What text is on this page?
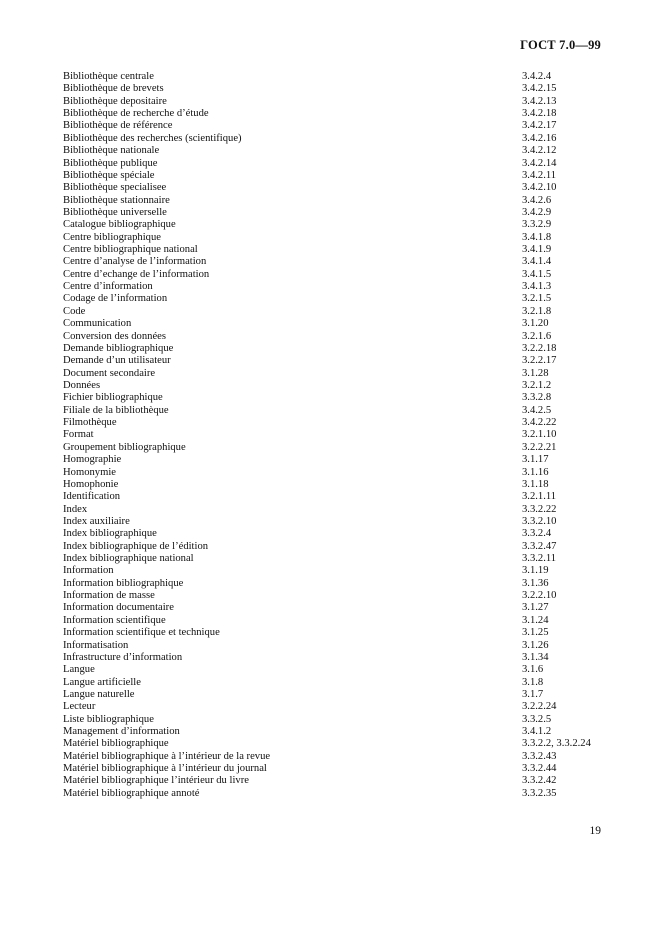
ГОСТ 7.0—99
Bibliothèque centrale	3.4.2.4
Bibliothèque de brevets	3.4.2.15
Bibliothèque depositaire	3.4.2.13
Bibliothèque de recherche d’étude	3.4.2.18
Bibliothèque de référence	3.4.2.17
Bibliothèque des recherches (scientifique)	3.4.2.16
Bibliothèque nationale	3.4.2.12
Bibliothèque publique	3.4.2.14
Bibliothèque spéciale	3.4.2.11
Bibliothèque specialisee	3.4.2.10
Bibliothèque stationnaire	3.4.2.6
Bibliothèque universelle	3.4.2.9
Catalogue bibliographique	3.3.2.9
Centre bibliographique	3.4.1.8
Centre bibliographique national	3.4.1.9
Centre d’analyse de l’information	3.4.1.4
Centre d’echange de l’information	3.4.1.5
Centre d’information	3.4.1.3
Codage de l’information	3.2.1.5
Code	3.2.1.8
Communication	3.1.20
Conversion des données	3.2.1.6
Demande bibliographique	3.2.2.18
Demande d’un utilisateur	3.2.2.17
Document secondaire	3.1.28
Données	3.2.1.2
Fichier bibliographique	3.3.2.8
Filiale de la bibliothèque	3.4.2.5
Filmothèque	3.4.2.22
Format	3.2.1.10
Groupement bibliographique	3.2.2.21
Homographie	3.1.17
Homonymie	3.1.16
Homophonie	3.1.18
Identification	3.2.1.11
Index	3.3.2.22
Index auxiliaire	3.3.2.10
Index bibliographique	3.3.2.4
Index bibliographique de l’édition	3.3.2.47
Index bibliographique national	3.3.2.11
Information	3.1.19
Information bibliographique	3.1.36
Information de masse	3.2.2.10
Information documentaire	3.1.27
Information scientifique	3.1.24
Information scientifique et technique	3.1.25
Informatisation	3.1.26
Infrastructure d’information	3.1.34
Langue	3.1.6
Langue artificielle	3.1.8
Langue naturelle	3.1.7
Lecteur	3.2.2.24
Liste bibliographique	3.3.2.5
Management d’information	3.4.1.2
Matériel bibliographique	3.3.2.2, 3.3.2.24
Matériel bibliographique à l’intérieur de la revue	3.3.2.43
Matériel bibliographique à l’intérieur du journal	3.3.2.44
Matériel bibliographique l’intérieur du livre	3.3.2.42
Matériel bibliographique annoté	3.3.2.35
19
